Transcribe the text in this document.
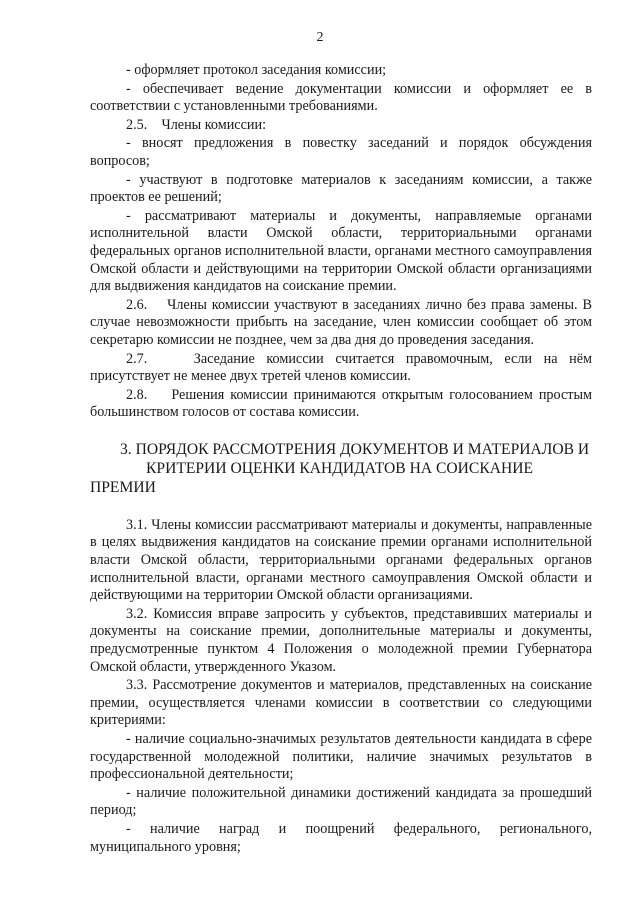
2

- оформляет протокол заседания комиссии;

- обеспечивает ведение документации комиссии и оформляет ее в соответствии с установленными требованиями.

2.5.    Члены комиссии:

- вносят предложения в повестку заседаний и порядок обсуждения вопросов;

- участвуют в подготовке материалов к заседаниям комиссии, а также проектов ее решений;

- рассматривают материалы и документы, направляемые органами исполнительной власти Омской области, территориальными органами федеральных органов исполнительной власти, органами местного самоуправления Омской области и действующими на территории Омской области организациями для выдвижения кандидатов на соискание премии.

2.6.    Члены комиссии участвуют в заседаниях лично без права замены. В случае невозможности прибыть на заседание, член комиссии сообщает об этом секретарю комиссии не позднее, чем за два дня до проведения заседания.

2.7.    Заседание комиссии считается правомочным, если на нём присутствует не менее двух третей членов комиссии.

2.8.    Решения комиссии принимаются открытым голосованием простым большинством голосов от состава комиссии.

3. ПОРЯДОК РАССМОТРЕНИЯ ДОКУМЕНТОВ И МАТЕРИАЛОВ И
КРИТЕРИИ ОЦЕНКИ КАНДИДАТОВ НА СОИСКАНИЕ ПРЕМИИ

3.1. Члены комиссии рассматривают материалы и документы, направленные в целях выдвижения кандидатов на соискание премии органами исполнительной власти Омской области, территориальными органами федеральных органов исполнительной власти, органами местного самоуправления Омской области и действующими на территории Омской области организациями.

3.2. Комиссия вправе запросить у субъектов, представивших материалы и документы на соискание премии, дополнительные материалы и документы, предусмотренные пунктом 4 Положения о молодежной премии Губернатора Омской области, утвержденного Указом.

3.3. Рассмотрение документов и материалов, представленных на соискание премии, осуществляется членами комиссии в соответствии со следующими критериями:

- наличие социально-значимых результатов деятельности кандидата в сфере государственной молодежной политики, наличие значимых результатов в профессиональной деятельности;

- наличие положительной динамики достижений кандидата за прошедший период;

- наличие наград и поощрений федерального, регионального, муниципального уровня;
